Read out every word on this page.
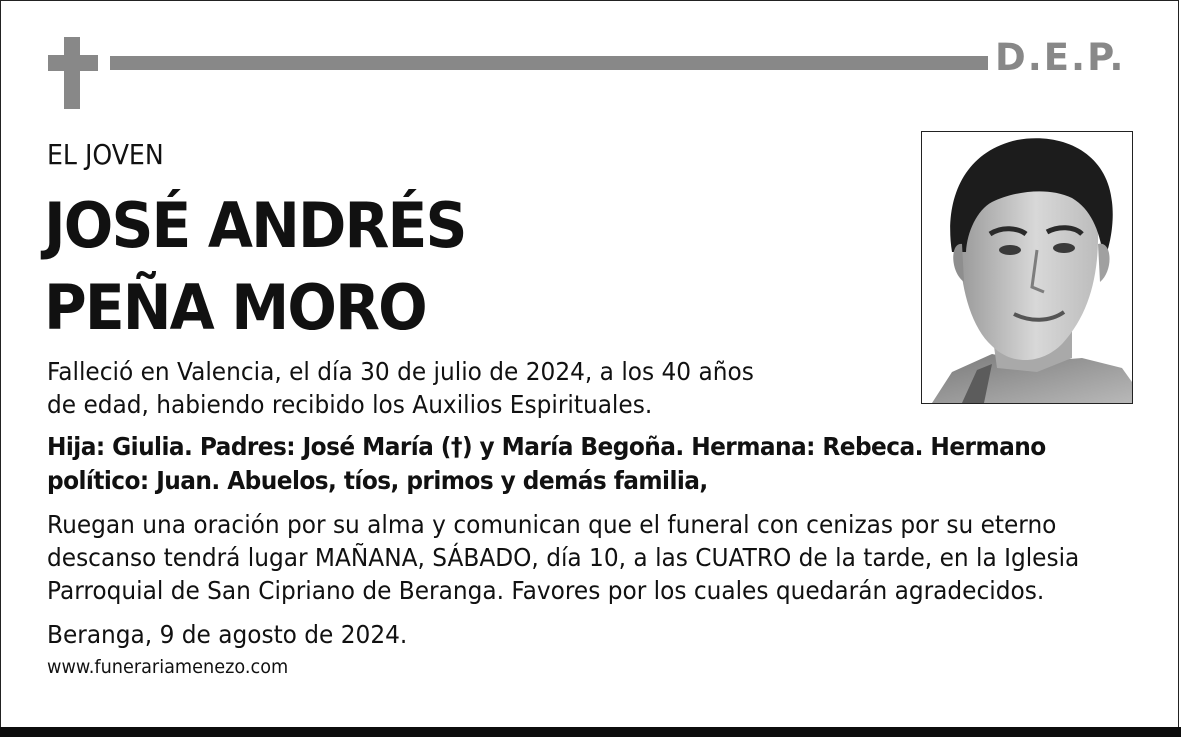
D.E.P.
EL JOVEN
JOSÉ ANDRÉS
PEÑA MORO
Falleció en Valencia, el día 30 de julio de 2024, a los 40 años
de edad, habiendo recibido los Auxilios Espirituales.
Hija: Giulia. Padres: José María (†) y María Begoña. Hermana: Rebeca. Hermano
político: Juan. Abuelos, tíos, primos y demás familia,
Ruegan una oración por su alma y comunican que el funeral con cenizas por su eterno
descanso tendrá lugar MAÑANA, SÁBADO, día 10, a las CUATRO de la tarde, en la Iglesia
Parroquial de San Cipriano de Beranga. Favores por los cuales quedarán agradecidos.
Beranga, 9 de agosto de 2024.
www.funerariamenezo.com
